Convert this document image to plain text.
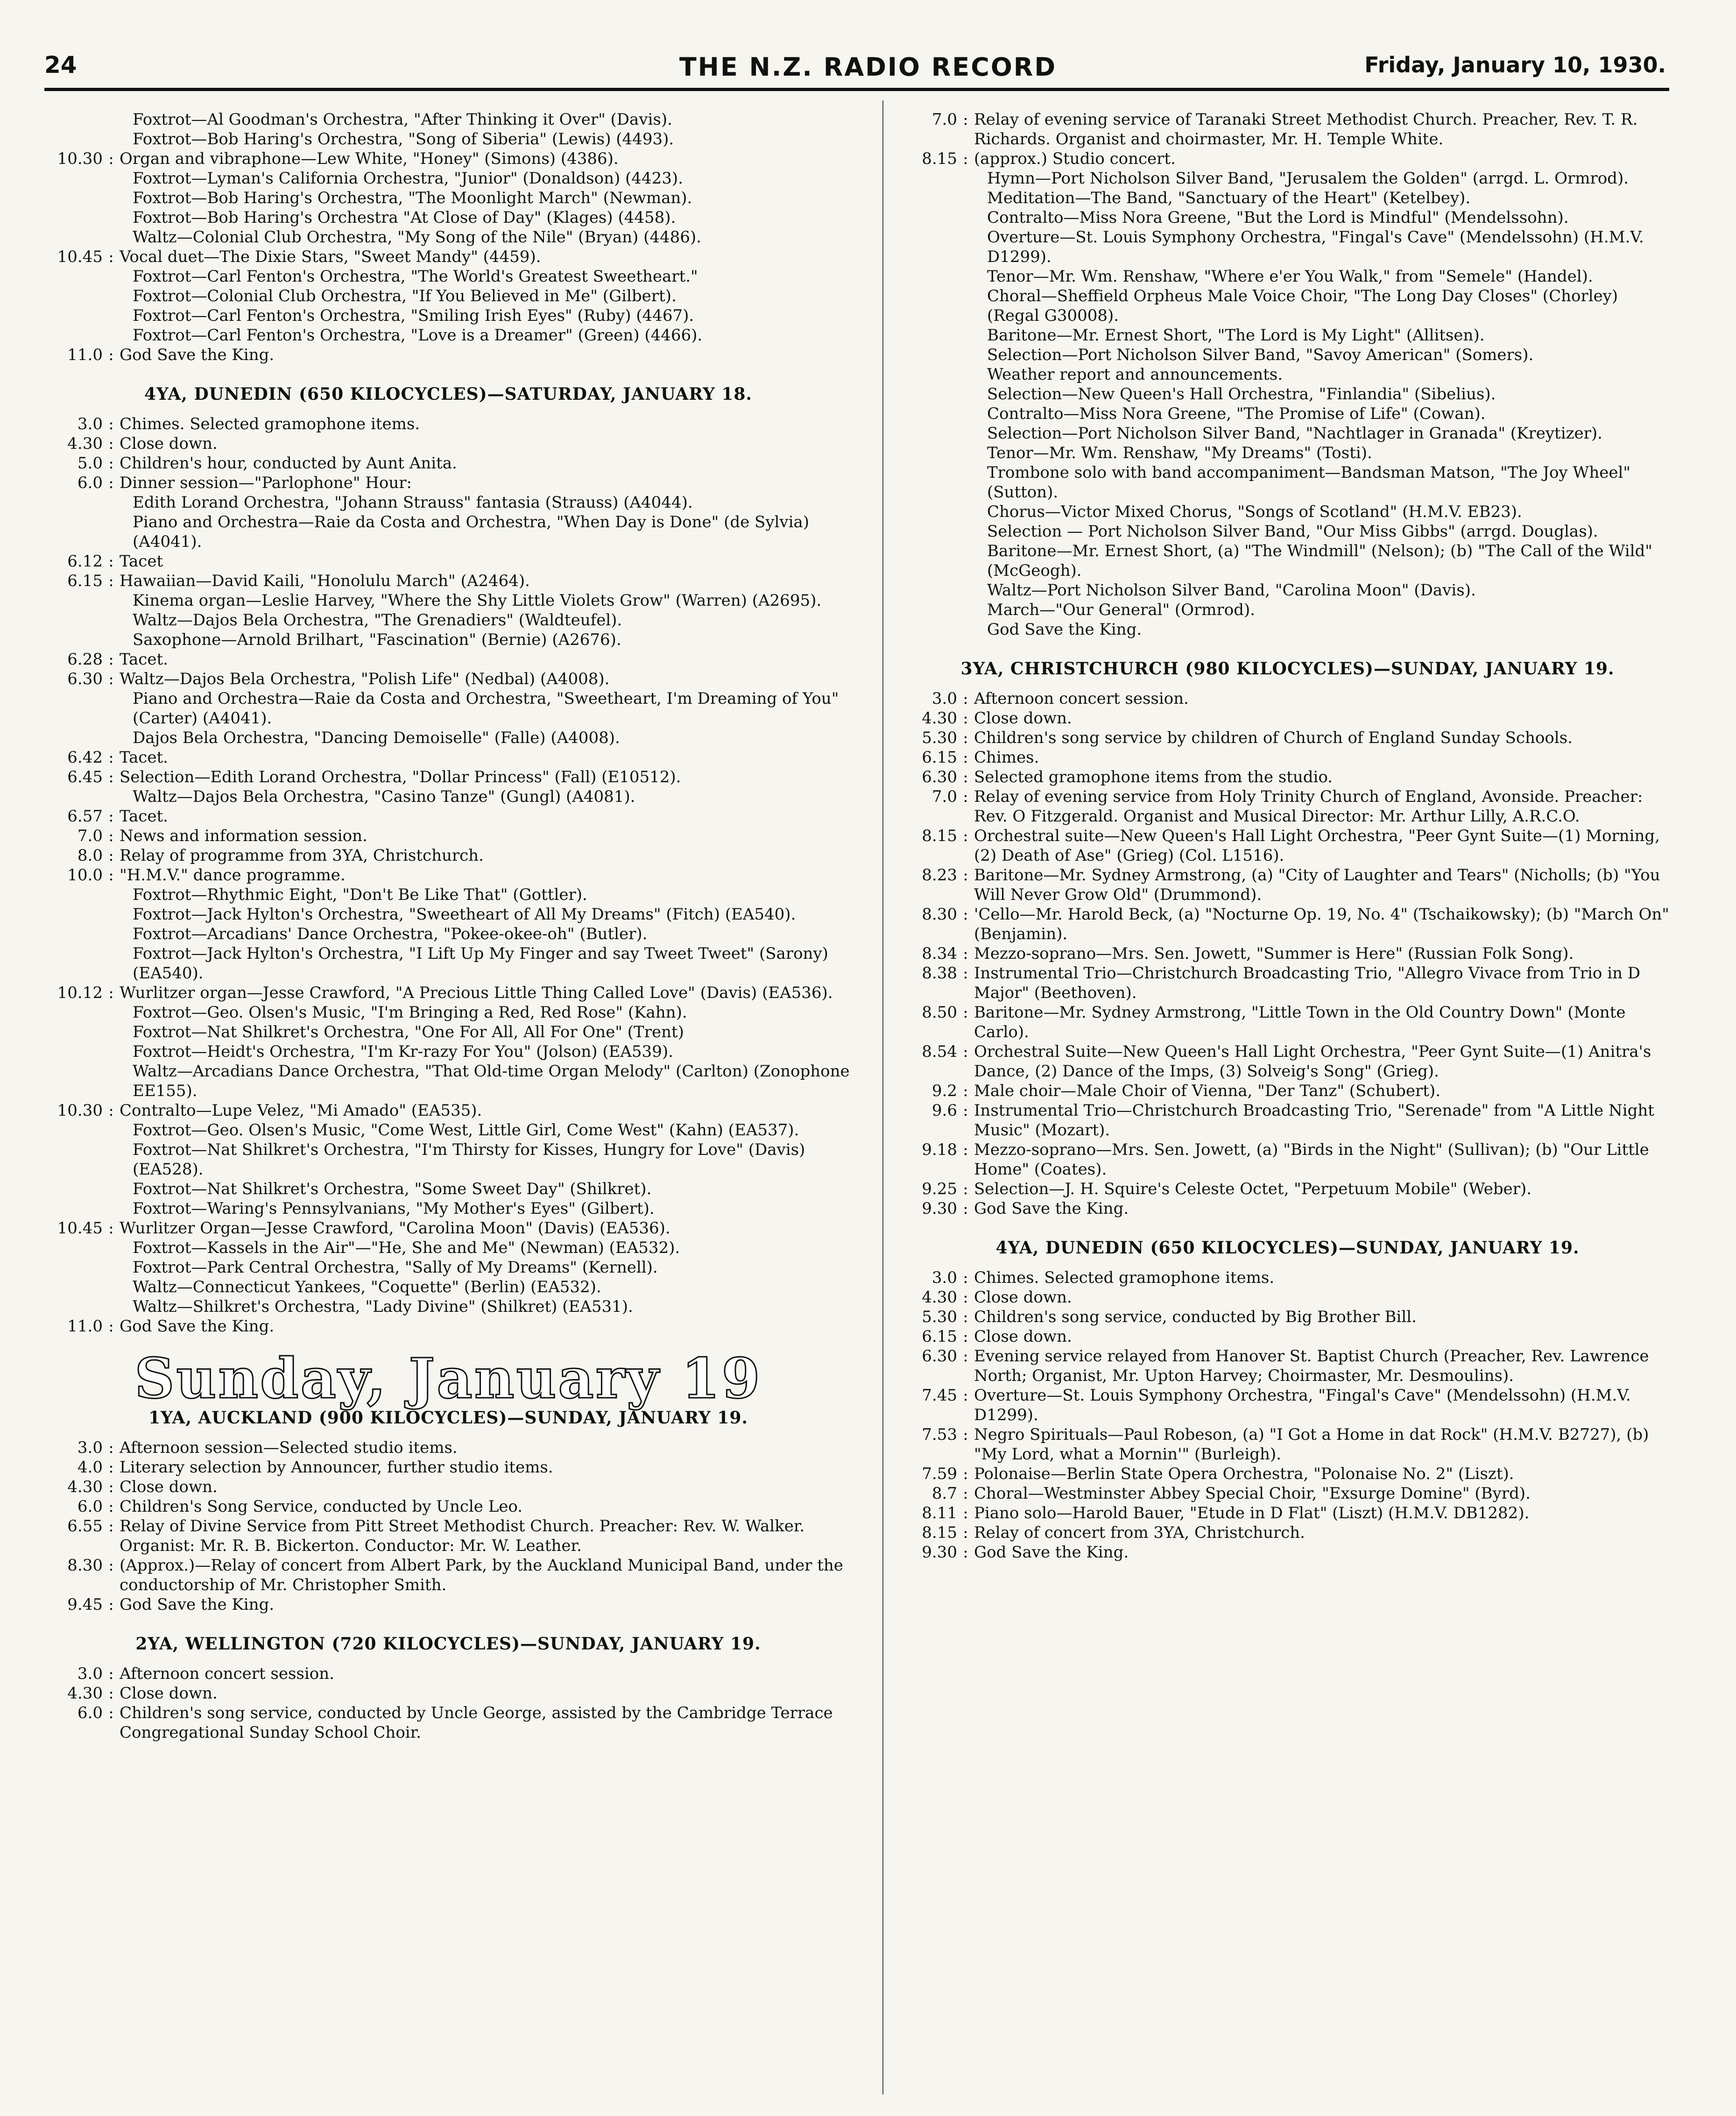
24	THE N.Z. RADIO RECORD	Friday, January 10, 1930.
Foxtrot—Al Goodman's Orchestra, "After Thinking it Over" (Davis).
Foxtrot—Bob Haring's Orchestra, "Song of Siberia" (Lewis) (4493).
10.30 : Organ and vibraphone—Lew White, "Honey" (Simons) (4386).
Foxtrot—Lyman's California Orchestra, "Junior" (Donaldson) (4423).
Foxtrot—Bob Haring's Orchestra, "The Moonlight March" (Newman).
Foxtrot—Bob Haring's Orchestra "At Close of Day" (Klages) (4458).
Waltz—Colonial Club Orchestra, "My Song of the Nile" (Bryan) (4486).
10.45 : Vocal duet—The Dixie Stars, "Sweet Mandy" (4459).
Foxtrot—Carl Fenton's Orchestra, "The World's Greatest Sweetheart."
Foxtrot—Colonial Club Orchestra, "If You Believed in Me" (Gilbert).
Foxtrot—Carl Fenton's Orchestra, "Smiling Irish Eyes" (Ruby) (4467).
Foxtrot—Carl Fenton's Orchestra, "Love is a Dreamer" (Green) (4466).
11.0 : God Save the King.
4YA, DUNEDIN (650 KILOCYCLES)—SATURDAY, JANUARY 18.
3.0 : Chimes. Selected gramophone items.
4.30 : Close down.
5.0 : Children's hour, conducted by Aunt Anita.
6.0 : Dinner session—"Parlophone" Hour:
Edith Lorand Orchestra, "Johann Strauss" fantasia (Strauss) (A4044).
Piano and Orchestra—Raie da Costa and Orchestra, "When Day is Done" (de Sylvia) (A4041).
6.12 : Tacet
6.15 : Hawaiian—David Kaili, "Honolulu March" (A2464).
Kinema organ—Leslie Harvey, "Where the Shy Little Violets Grow" (Warren) (A2695).
Waltz—Dajos Bela Orchestra, "The Grenadiers" (Waldteufel).
Saxophone—Arnold Brilhart, "Fascination" (Bernie) (A2676).
6.28 : Tacet.
6.30 : Waltz—Dajos Bela Orchestra, "Polish Life" (Nedbal) (A4008).
Piano and Orchestra—Raie da Costa and Orchestra, "Sweetheart, I'm Dreaming of You" (Carter) (A4041).
Dajos Bela Orchestra, "Dancing Demoiselle" (Falle) (A4008).
6.42 : Tacet.
6.45 : Selection—Edith Lorand Orchestra, "Dollar Princess" (Fall) (E10512).
Waltz—Dajos Bela Orchestra, "Casino Tanze" (Gungl) (A4081).
6.57 : Tacet.
7.0 : News and information session.
8.0 : Relay of programme from 3YA, Christchurch.
10.0 : "H.M.V." dance programme.
Foxtrot—Rhythmic Eight, "Don't Be Like That" (Gottler).
Foxtrot—Jack Hylton's Orchestra, "Sweetheart of All My Dreams" (Fitch) (EA540).
Foxtrot—Arcadians' Dance Orchestra, "Pokee-okee-oh" (Butler).
Foxtrot—Jack Hylton's Orchestra, "I Lift Up My Finger and say Tweet Tweet" (Sarony) (EA540).
10.12 : Wurlitzer organ—Jesse Crawford, "A Precious Little Thing Called Love" (Davis) (EA536).
Foxtrot—Geo. Olsen's Music, "I'm Bringing a Red, Red Rose" (Kahn).
Foxtrot—Nat Shilkret's Orchestra, "One For All, All For One" (Trent)
Foxtrot—Heidt's Orchestra, "I'm Kr-razy For You" (Jolson) (EA539).
Waltz—Arcadians Dance Orchestra, "That Old-time Organ Melody" (Carlton) (Zonophone EE155).
10.30 : Contralto—Lupe Velez, "Mi Amado" (EA535).
Foxtrot—Geo. Olsen's Music, "Come West, Little Girl, Come West" (Kahn) (EA537).
Foxtrot—Nat Shilkret's Orchestra, "I'm Thirsty for Kisses, Hungry for Love" (Davis) (EA528).
Foxtrot—Nat Shilkret's Orchestra, "Some Sweet Day" (Shilkret).
Foxtrot—Waring's Pennsylvanians, "My Mother's Eyes" (Gilbert).
10.45 : Wurlitzer Organ—Jesse Crawford, "Carolina Moon" (Davis) (EA536).
Foxtrot—Kassels in the Air"—"He, She and Me" (Newman) (EA532).
Foxtrot—Park Central Orchestra, "Sally of My Dreams" (Kernell).
Waltz—Connecticut Yankees, "Coquette" (Berlin) (EA532).
Waltz—Shilkret's Orchestra, "Lady Divine" (Shilkret) (EA531).
11.0 : God Save the King.
Sunday, January 19
1YA, AUCKLAND (900 KILOCYCLES)—SUNDAY, JANUARY 19.
3.0 : Afternoon session—Selected studio items.
4.0 : Literary selection by Announcer, further studio items.
4.30 : Close down.
6.0 : Children's Song Service, conducted by Uncle Leo.
6.55 : Relay of Divine Service from Pitt Street Methodist Church. Preacher: Rev. W. Walker. Organist: Mr. R. B. Bickerton. Conductor: Mr. W. Leather.
8.30 : (Approx.)—Relay of concert from Albert Park, by the Auckland Municipal Band, under the conductorship of Mr. Christopher Smith.
9.45 : God Save the King.
2YA, WELLINGTON (720 KILOCYCLES)—SUNDAY, JANUARY 19.
3.0 : Afternoon concert session.
4.30 : Close down.
6.0 : Children's song service, conducted by Uncle George, assisted by the Cambridge Terrace Congregational Sunday School Choir.
7.0 : Relay of evening service of Taranaki Street Methodist Church. Preacher, Rev. T. R. Richards. Organist and choirmaster, Mr. H. Temple White.
8.15 : (approx.) Studio concert.
Hymn—Port Nicholson Silver Band, "Jerusalem the Golden" (arrgd. L. Ormrod).
Meditation—The Band, "Sanctuary of the Heart" (Ketelbey).
Contralto—Miss Nora Greene, "But the Lord is Mindful" (Mendelssohn).
Overture—St. Louis Symphony Orchestra, "Fingal's Cave" (Mendelssohn) (H.M.V. D1299).
Tenor—Mr. Wm. Renshaw, "Where e'er You Walk," from "Semele" (Handel).
Choral—Sheffield Orpheus Male Voice Choir, "The Long Day Closes" (Chorley) (Regal G30008).
Baritone—Mr. Ernest Short, "The Lord is My Light" (Allitsen).
Selection—Port Nicholson Silver Band, "Savoy American" (Somers).
Weather report and announcements.
Selection—New Queen's Hall Orchestra, "Finlandia" (Sibelius).
Contralto—Miss Nora Greene, "The Promise of Life" (Cowan).
Selection—Port Nicholson Silver Band, "Nachtlager in Granada" (Kreytizer).
Tenor—Mr. Wm. Renshaw, "My Dreams" (Tosti).
Trombone solo with band accompaniment—Bandsman Matson, "The Joy Wheel" (Sutton).
Chorus—Victor Mixed Chorus, "Songs of Scotland" (H.M.V. EB23).
Selection — Port Nicholson Silver Band, "Our Miss Gibbs" (arrgd. Douglas).
Baritone—Mr. Ernest Short, (a) "The Windmill" (Nelson); (b) "The Call of the Wild" (McGeogh).
Waltz—Port Nicholson Silver Band, "Carolina Moon" (Davis).
March—"Our General" (Ormrod).
God Save the King.
3YA, CHRISTCHURCH (980 KILOCYCLES)—SUNDAY, JANUARY 19.
3.0 : Afternoon concert session.
4.30 : Close down.
5.30 : Children's song service by children of Church of England Sunday Schools.
6.15 : Chimes.
6.30 : Selected gramophone items from the studio.
7.0 : Relay of evening service from Holy Trinity Church of England, Avonside. Preacher: Rev. O Fitzgerald. Organist and Musical Director: Mr. Arthur Lilly, A.R.C.O.
8.15 : Orchestral suite—New Queen's Hall Light Orchestra, "Peer Gynt Suite—(1) Morning, (2) Death of Ase" (Grieg) (Col. L1516).
8.23 : Baritone—Mr. Sydney Armstrong, (a) "City of Laughter and Tears" (Nicholls; (b) "You Will Never Grow Old" (Drummond).
8.30 : 'Cello—Mr. Harold Beck, (a) "Nocturne Op. 19, No. 4" (Tschaikowsky); (b) "March On" (Benjamin).
8.34 : Mezzo-soprano—Mrs. Sen. Jowett, "Summer is Here" (Russian Folk Song).
8.38 : Instrumental Trio—Christchurch Broadcasting Trio, "Allegro Vivace from Trio in D Major" (Beethoven).
8.50 : Baritone—Mr. Sydney Armstrong, "Little Town in the Old Country Down" (Monte Carlo).
8.54 : Orchestral Suite—New Queen's Hall Light Orchestra, "Peer Gynt Suite—(1) Anitra's Dance, (2) Dance of the Imps, (3) Solveig's Song" (Grieg).
9.2 : Male choir—Male Choir of Vienna, "Der Tanz" (Schubert).
9.6 : Instrumental Trio—Christchurch Broadcasting Trio, "Serenade" from "A Little Night Music" (Mozart).
9.18 : Mezzo-soprano—Mrs. Sen. Jowett, (a) "Birds in the Night" (Sullivan); (b) "Our Little Home" (Coates).
9.25 : Selection—J. H. Squire's Celeste Octet, "Perpetuum Mobile" (Weber).
9.30 : God Save the King.
4YA, DUNEDIN (650 KILOCYCLES)—SUNDAY, JANUARY 19.
3.0 : Chimes. Selected gramophone items.
4.30 : Close down.
5.30 : Children's song service, conducted by Big Brother Bill.
6.15 : Close down.
6.30 : Evening service relayed from Hanover St. Baptist Church (Preacher, Rev. Lawrence North; Organist, Mr. Upton Harvey; Choirmaster, Mr. Desmoulins).
7.45 : Overture—St. Louis Symphony Orchestra, "Fingal's Cave" (Mendelssohn) (H.M.V. D1299).
7.53 : Negro Spirituals—Paul Robeson, (a) "I Got a Home in dat Rock" (H.M.V. B2727), (b) "My Lord, what a Mornin'" (Burleigh).
7.59 : Polonaise—Berlin State Opera Orchestra, "Polonaise No. 2" (Liszt).
8.7 : Choral—Westminster Abbey Special Choir, "Exsurge Domine" (Byrd).
8.11 : Piano solo—Harold Bauer, "Etude in D Flat" (Liszt) (H.M.V. DB1282).
8.15 : Relay of concert from 3YA, Christchurch.
9.30 : God Save the King.
